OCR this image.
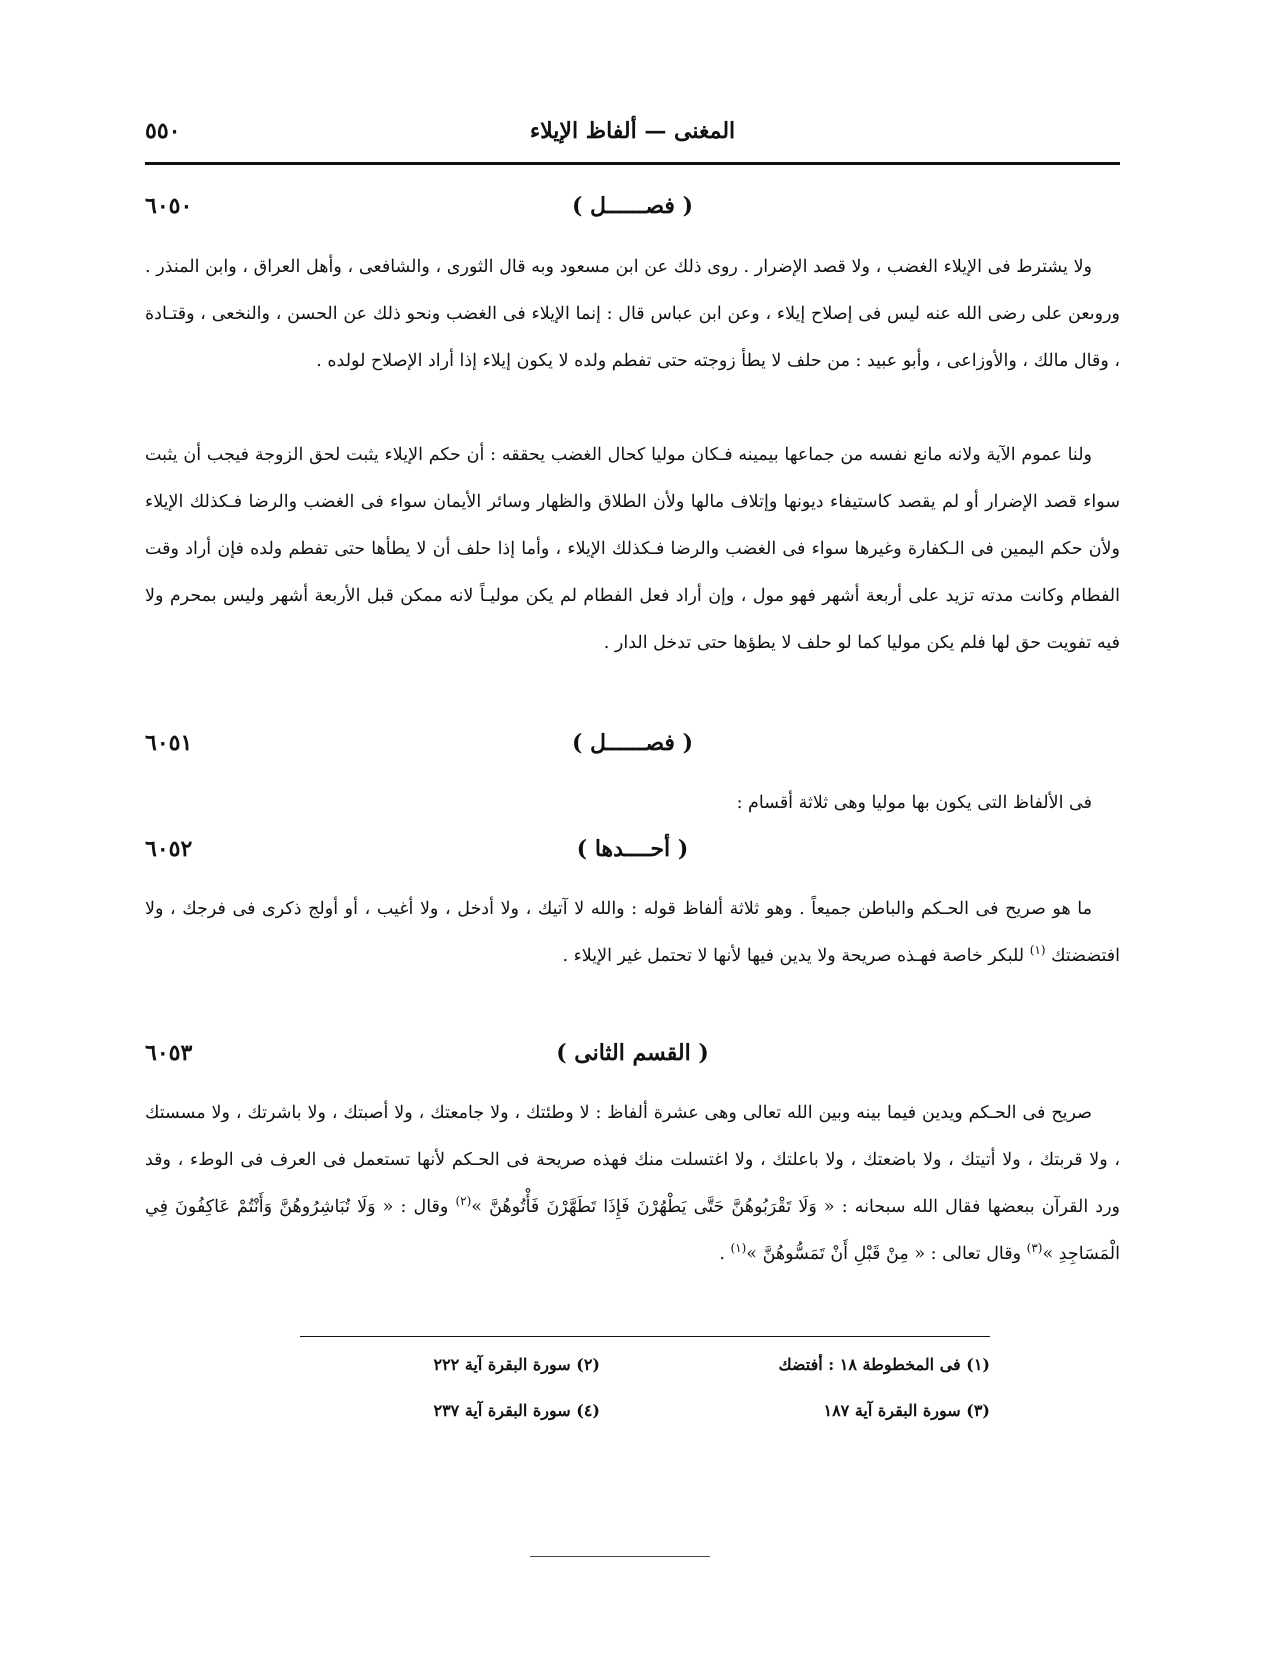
٥٥٠	المغنى — ألفاظ الإيلاء
٦٠٥٠	( فصــــــل )
ولا يشترط فى الإيلاء الغضب ، ولا قصد الإضرار . روى ذلك عن ابن مسعود وبه قال الثورى ، والشافعى ، وأهل العراق ، وابن المنذر . وروىعن على رضى الله عنه ليس فى إصلاح إيلاء ، وعن ابن عباس قال : إنما الإيلاء فى الغضب ونحو ذلك عن الحسن ، والنخعى ، وقتـادة ، وقال مالك ، والأوزاعى ، وأبو عبيد : من حلف لا يطأ زوجته حتى تفطم ولده لا يكون إيلاء إذا أراد الإصلاح لولده .
ولنا عموم الآية ولانه مانع نفسه من جماعها بيمينه فـكان موليا كحال الغضب يحققه : أن حكم الإيلاء يثبت لحق الزوجة فيجب أن يثبت سواء قصد الإضرار أو لم يقصد كاستيفاء ديونها وإتلاف مالها ولأن الطلاق والظهار وسائر الأيمان سواء فى الغضب والرضا فـكذلك الإيلاء ولأن حكم اليمين فى الـكفارة وغيرها سواء فى الغضب والرضا فـكذلك الإيلاء ، وأما إذا حلف أن لا يطأها حتى تفطم ولده فإن أراد وقت الفطام وكانت مدته تزيد على أربعة أشهر فهو مول ، وإن أراد فعل الفطام لم يكن موليـاً لانه ممكن قبل الأربعة أشهر وليس بمحرم ولا فيه تفويت حق لها فلم يكن موليا كما لو حلف لا يطؤها حتى تدخل الدار .
٦٠٥١	( فصــــــل )
فى الألفاظ التى يكون بها موليا وهى ثلاثة أقسام :
٦٠٥٢	( أحــــدها )
ما هو صريح فى الحـكم والباطن جميعاً . وهو ثلاثة ألفاظ قوله : والله لا آتيك ، ولا أدخل ، ولا أغيب ، أو أولج ذكرى فى فرجك ، ولا افتضضتك $^{(١)}$ للبكر خاصة فهـذه صريحة ولا يدين فيها لأنها لا تحتمل غير الإيلاء .
٦٠٥٣	( القسم الثانى )
صريح فى الحـكم ويدين فيما بينه وبين الله تعالى وهى عشرة ألفاظ : لا وطئتك ، ولا جامعتك ، ولا أصبتك ، ولا باشرتك ، ولا مسستك ، ولا قربتك ، ولا أتيتك ، ولا باضعتك ، ولا باعلتك ، ولا اغتسلت منك فهذه صريحة فى الحـكم لأنها تستعمل فى العرف فى الوطء ، وقد ورد القرآن ببعضها فقال الله سبحانه : « وَلَا تَقْرَبُوهُنَّ حَتَّى يَطْهُرْنَ فَإِذَا تَطَهَّرْنَ فَأْتُوهُنَّ »$^{(٢)}$ وقال : « وَلَا تُبَاشِرُوهُنَّ وَأَنْتُمْ عَاكِفُونَ فِي الْمَسَاجِدِ »$^{(٣)}$ وقال تعالى : « مِنْ قَبْلِ أَنْ تَمَسُّوهُنَّ »$^{(١)}$ .
(١) فى المخطوطة ١٨ : أفتضك
(٢) سورة البقرة آية ٢٢٢
(٣) سورة البقرة آية ١٨٧
(٤) سورة البقرة آية ٢٣٧
